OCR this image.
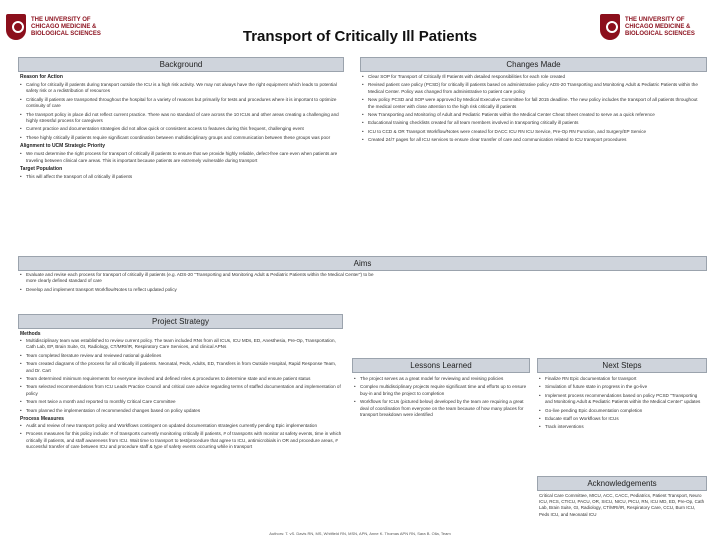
THE UNIVERSITY OF
CHICAGO MEDICINE &
BIOLOGICAL SCIENCES
THE UNIVERSITY OF
CHICAGO MEDICINE &
BIOLOGICAL SCIENCES
Transport of Critically Ill Patients
Background
Reason for Action
• Caring for critically ill patients during transport outside the ICU is a high risk activity. We may not always have the right equipment which leads to potential safety risk or a redistribution of resources
• Critically ill patients are transported throughout the hospital for a variety of reasons but primarily for tests and procedures where it is important to optimize continuity of care
• The transport policy in place did not reflect current practice. There was no standard of care across the 10 ICUs and other areas creating a challenging and highly stressful process for caregivers
• Current practice and documentation strategies did not allow quick or consistent access to features during this frequent, challenging event
• These highly critically ill patients require significant coordination between multidisciplinary groups and communication between these groups was poor
Alignment to UCM Strategic Priority
• We must determine the right process for transport of critically ill patients to ensure that we provide highly reliable, defect-free care even when patients are traveling between clinical care areas. This is important because patients are extremely vulnerable during transport
Target Population
• This will affect the transport of all critically ill patients
Changes Made
• Clear SOP for Transport of Critically Ill Patients with detailed responsibilities for each role created
• Revised patient care policy (PCSD) for critically ill patients based on administrative policy ADS-20 Transporting and Monitoring Adult & Pediatric Patients within the Medical Center. Policy was changed from administrative to patient care policy
• New policy PCSD and SOP were approved by Medical Executive Committee for fall 2015 deadline. The new policy includes the transport of all patients throughout the medical center with close attention to the high risk critically ill patients
• New Transporting and Monitoring of Adult and Pediatric Patients within the Medical Center Cheat Sheet created to serve as a quick reference
• Educational training checklists created for all team members involved in transporting critically ill patients
• ICU to CCD & OR Transport Workflow/Notes were created for DACC ICU RN ICU Service, Pre-Op RN Function, and Surgery/EP Service
• Created 24/7 pages for all ICU services to ensure clear transfer of care and communication related to ICU transport procedures
Aims
• Evaluate and revise each process for transport of critically ill patients (e.g. ADS-20 "Transporting and Monitoring Adult & Pediatric Patients within the Medical Center") to be more clearly defined standard of care
• Develop and implement transport Workflow/Notes to reflect updated policy
Project Strategy
Methods
• Multidisciplinary team was established to review current policy. The team included RNs from all ICUs, ICU MDs, ED, Anesthesia, Pre-Op, Transportation, Cath Lab, EP, Brain Suite, GI, Radiology, CT/MRI/IR, Respiratory Care Services, and clinical APNs
• Team completed literature review and reviewed national guidelines
• Team created diagrams of the process for all critically ill patients. Neonatal, Peds, Adults, ED, Transfers in from Outside Hospital, Rapid Response Team, and Dr. Cart
• Team determined minimum requirements for everyone involved and defined roles & procedures to determine state and ensure patient status
• Team selected recommendations from ICU Leads Practice Council and critical care advice regarding terms of staffed documentation and implementation of policy
• Team met twice a month and reported to monthly Critical Care Committee
• Team planned the implementation of recommended changes based on policy updates
Process Measures
• Audit and review of new transport policy and Workflows contingent on updated documentation strategies currently pending Epic implementation
• Process measures for this policy include: # of transports currently monitoring critically ill patients, # of transports with monitor at safety events, time in which critically ill patients, and staff awareness from ICU. Wait time to transport to test/procedure that agree to ICU, antimicrobials in OR and procedure areas, # successful transfer of care between ICU and procedure staff & type of safety events occurring while in transport
Lessons Learned
• The project serves as a great model for reviewing and revising policies
• Complex multidisciplinary projects require significant time and efforts up to ensure buy-in and bring the project to completion
• Workflows for ICUs (pictured below) developed by the team are requiring a great deal of coordination from everyone on the team because of how many places for transport breakdown were identified
Next Steps
• Finalize RN Epic documentation for transport
• Simulation of future state in progress in the go-live
• Implement process recommendations based on policy PCSD "Transporting and Monitoring Adult & Pediatric Patients within the Medical Center" updates
• Go-live pending Epic documentation completion
• Educate staff on Workflows for ICUs
• Track interventions
Acknowledgements
Critical Care Committee, MICU, ACC, CACC, Pediatrics, Patient Transport, Neuro ICU, RCS, CTICU, PACU, OR, SICU, NICU, PICU, RN, ICU MD, ED, Pre-Op, Cath Lab, Brain Suite, GI, Radiology, CT/MRI/IR, Respiratory Care, CCU, Burn ICU, Peds ICU, and Neonatal ICU
Authors: T. vS. Davis RN, MS, Whitfield RN, MSN, APN, Anne K. Thomas APN RN, Sara B. Olla, Team
